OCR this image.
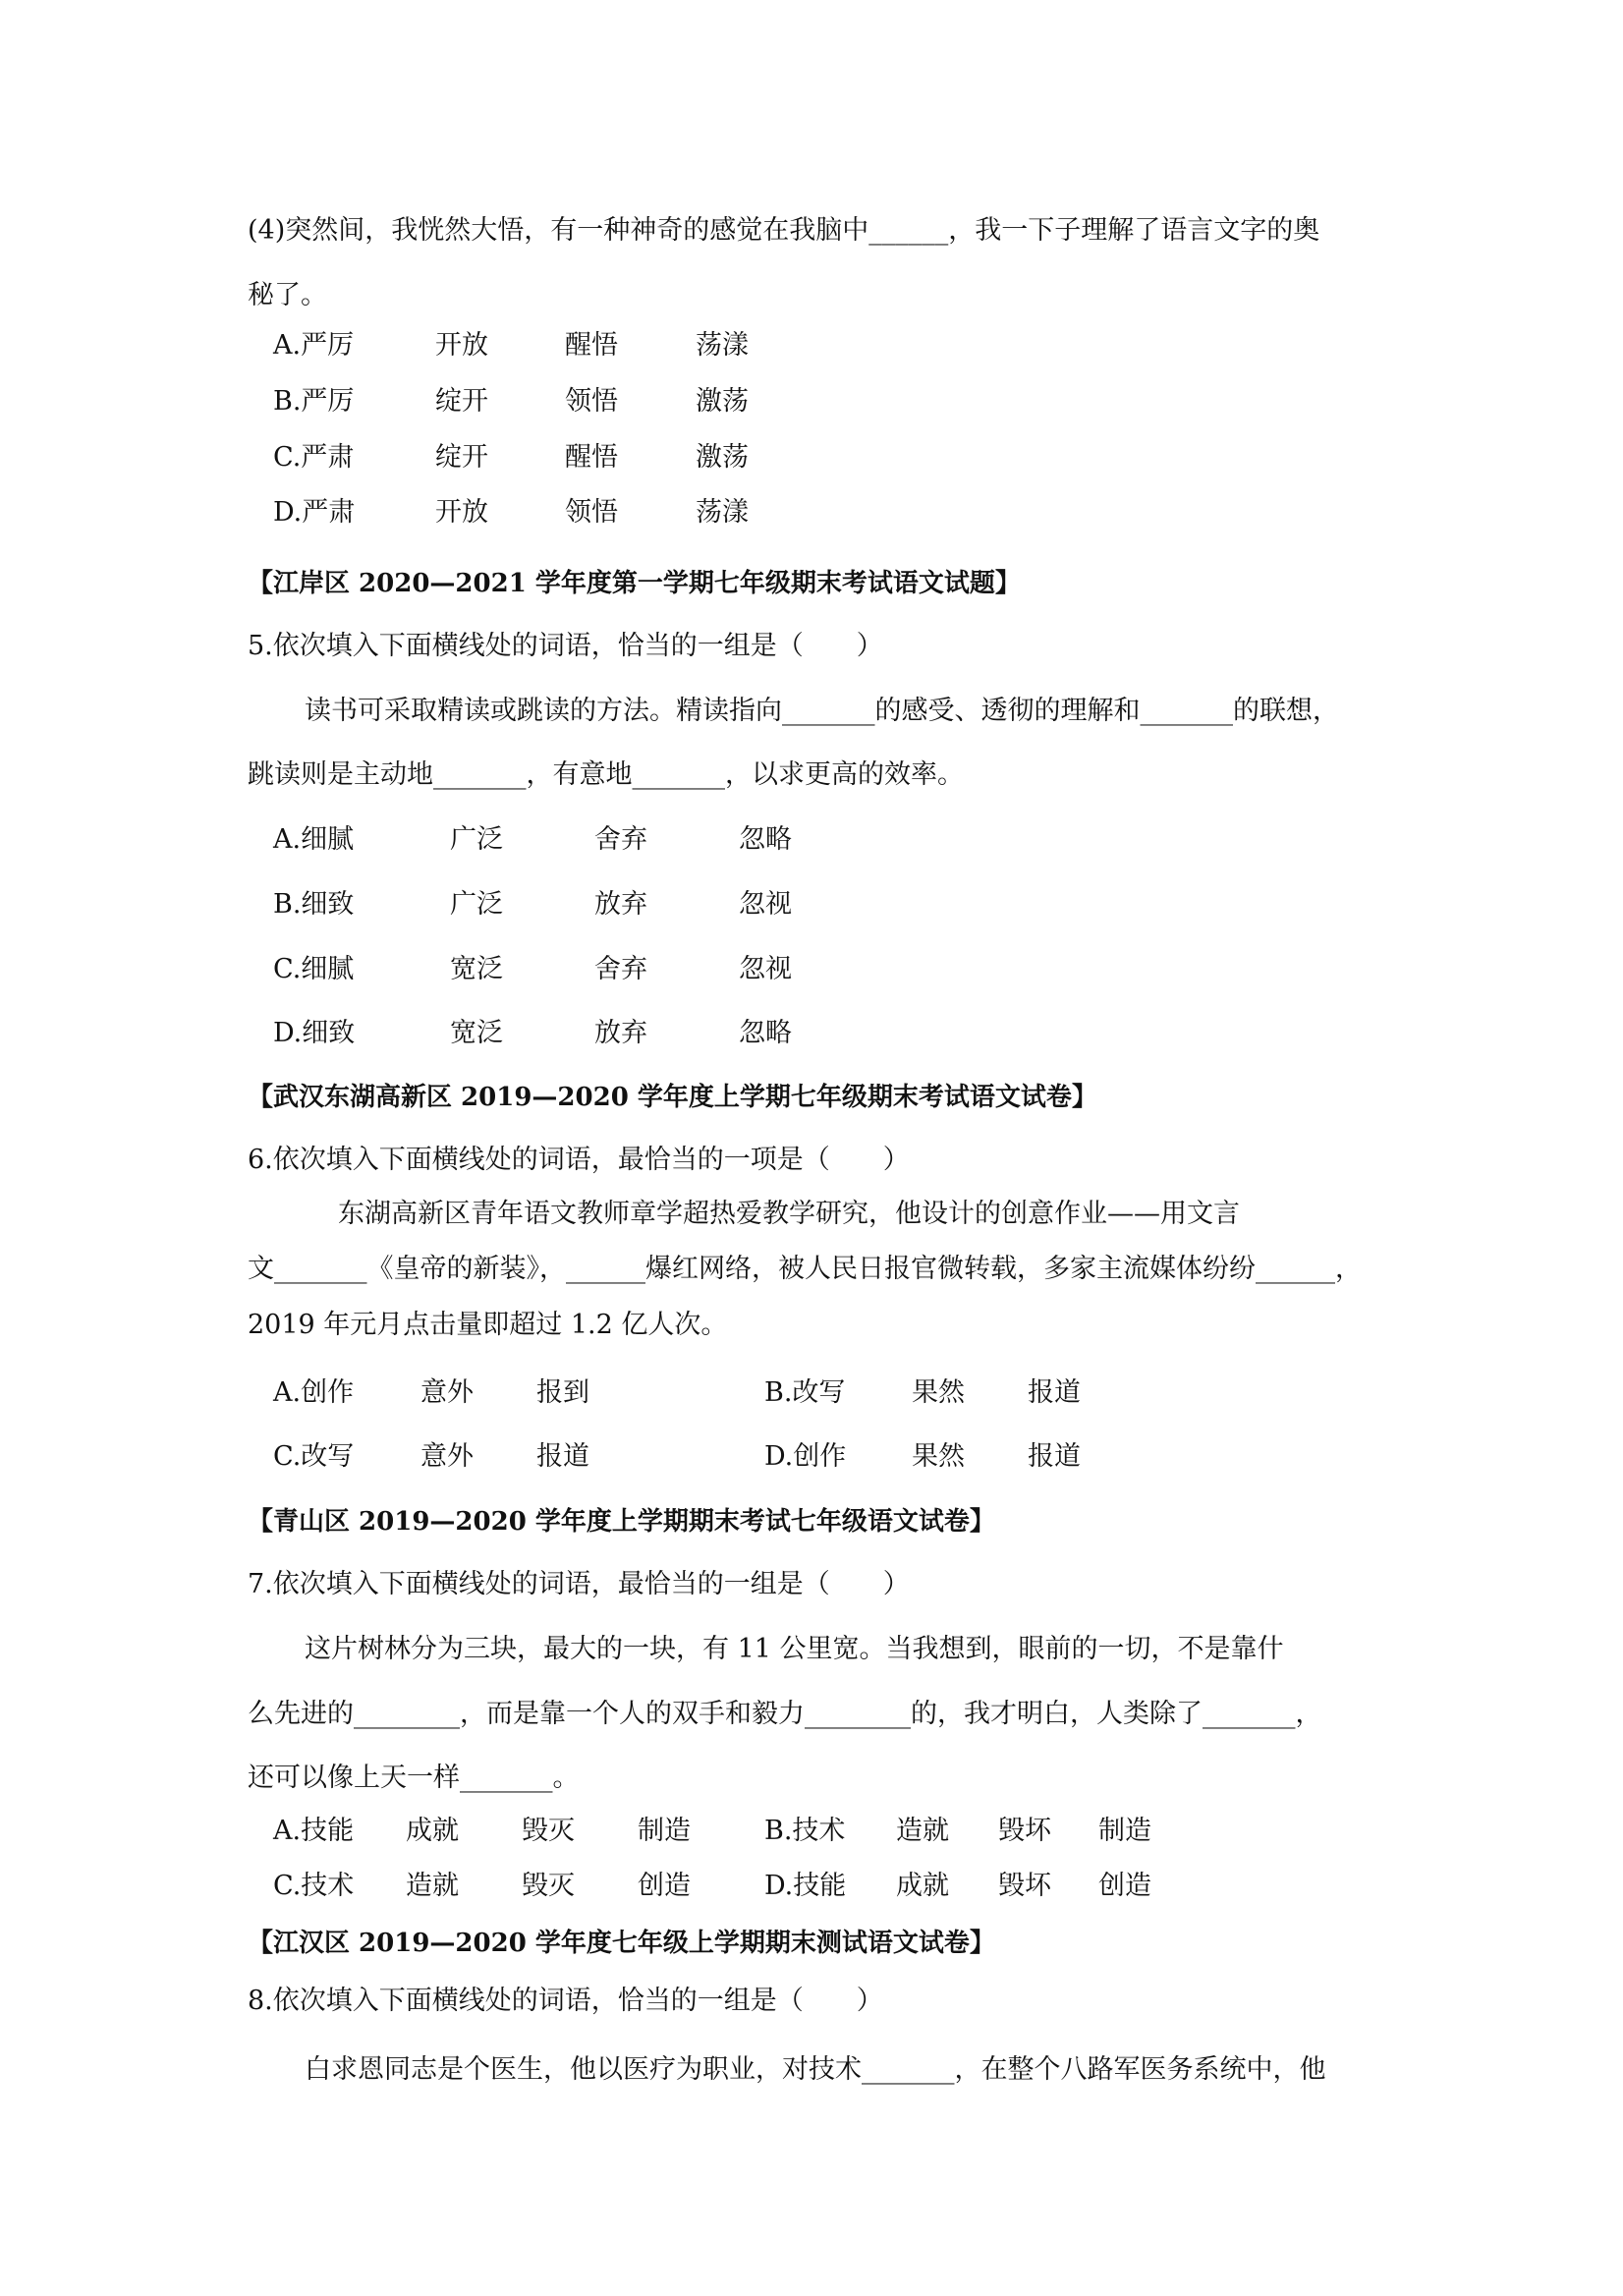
(4)突然间，我恍然大悟，有一种神奇的感觉在我脑中______，我一下子理解了语言文字的奥
秘了。
A.严厉	开放	醒悟	荡漾
B.严厉	绽开	领悟	激荡
C.严肃	绽开	醒悟	激荡
D.严肃	开放	领悟	荡漾
【江岸区 2020—2021 学年度第一学期七年级期末考试语文试题】
5.依次填入下面横线处的词语，恰当的一组是（　　）
读书可采取精读或跳读的方法。精读指向_______的感受、透彻的理解和_______的联想，
跳读则是主动地_______，有意地_______，以求更高的效率。
A.细腻	广泛	舍弃	忽略
B.细致	广泛	放弃	忽视
C.细腻	宽泛	舍弃	忽视
D.细致	宽泛	放弃	忽略
【武汉东湖高新区 2019—2020 学年度上学期七年级期末考试语文试卷】
6.依次填入下面横线处的词语，最恰当的一项是（　　）
东湖高新区青年语文教师章学超热爱教学研究，他设计的创意作业——用文言
文_______《皇帝的新装》，______爆红网络，被人民日报官微转载，多家主流媒体纷纷______，
2019 年元月点击量即超过 1.2 亿人次。
A.创作	意外 报到	B.改写	果然 报道
C.改写	意外 报道	D.创作 果然 报道
【青山区 2019—2020 学年度上学期期末考试七年级语文试卷】
7.依次填入下面横线处的词语，最恰当的一组是（　　）
这片树林分为三块，最大的一块，有 11 公里宽。当我想到，眼前的一切，不是靠什
么先进的________，而是靠一个人的双手和毅力________的，我才明白，人类除了_______，
还可以像上天一样_______。
A.技能 成就 毁灭 制造	B.技术 造就 毁坏 制造
C.技术 造就 毁灭 创造	D.技能 成就 毁坏 创造
【江汉区 2019—2020 学年度七年级上学期期末测试语文试卷】
8.依次填入下面横线处的词语，恰当的一组是（　　）
白求恩同志是个医生，他以医疗为职业，对技术_______，在整个八路军医务系统中，他
